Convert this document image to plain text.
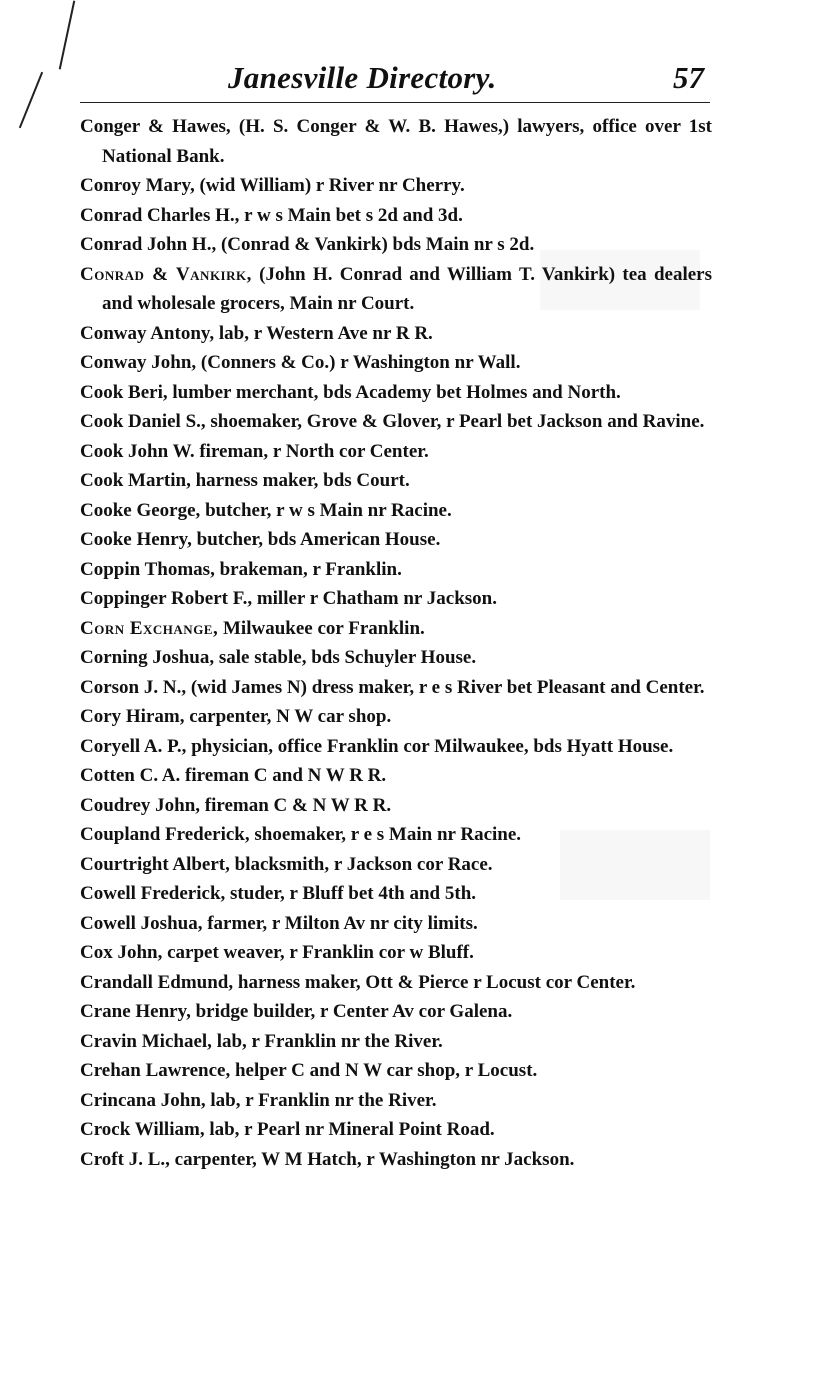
Janesville Directory.	57

Conger & Hawes, (H. S. Conger & W. B. Hawes,) lawyers, office over 1st National Bank.

Conroy Mary, (wid William) r River nr Cherry.

Conrad Charles H., r w s Main bet s 2d and 3d.

Conrad John H., (Conrad & Vankirk) bds Main nr s 2d.

Conrad & Vankirk, (John H. Conrad and William T. Vankirk) tea dealers and wholesale grocers, Main nr Court.

Conway Antony, lab, r Western Ave nr R R.

Conway John, (Conners & Co.) r Washington nr Wall.

Cook Beri, lumber merchant, bds Academy bet Holmes and North.

Cook Daniel S., shoemaker, Grove & Glover, r Pearl bet Jackson and Ravine.

Cook John W. fireman, r North cor Center.

Cook Martin, harness maker, bds Court.

Cooke George, butcher, r w s Main nr Racine.

Cooke Henry, butcher, bds American House.

Coppin Thomas, brakeman, r Franklin.

Coppinger Robert F., miller r Chatham nr Jackson.

Corn Exchange, Milwaukee cor Franklin.

Corning Joshua, sale stable, bds Schuyler House.

Corson J. N., (wid James N) dress maker, r e s River bet Pleasant and Center.

Cory Hiram, carpenter, N W car shop.

Coryell A. P., physician, office Franklin cor Milwaukee, bds Hyatt House.

Cotten C. A. fireman C and N W R R.

Coudrey John, fireman C & N W R R.

Coupland Frederick, shoemaker, r e s Main nr Racine.

Courtright Albert, blacksmith, r Jackson cor Race.

Cowell Frederick, studer, r Bluff bet 4th and 5th.

Cowell Joshua, farmer, r Milton Av nr city limits.

Cox John, carpet weaver, r Franklin cor w Bluff.

Crandall Edmund, harness maker, Ott & Pierce r Locust cor Center.

Crane Henry, bridge builder, r Center Av cor Galena.

Cravin Michael, lab, r Franklin nr the River.

Crehan Lawrence, helper C and N W car shop, r Locust.

Crincana John, lab, r Franklin nr the River.

Crock William, lab, r Pearl nr Mineral Point Road.

Croft J. L., carpenter, W M Hatch, r Washington nr Jackson.
